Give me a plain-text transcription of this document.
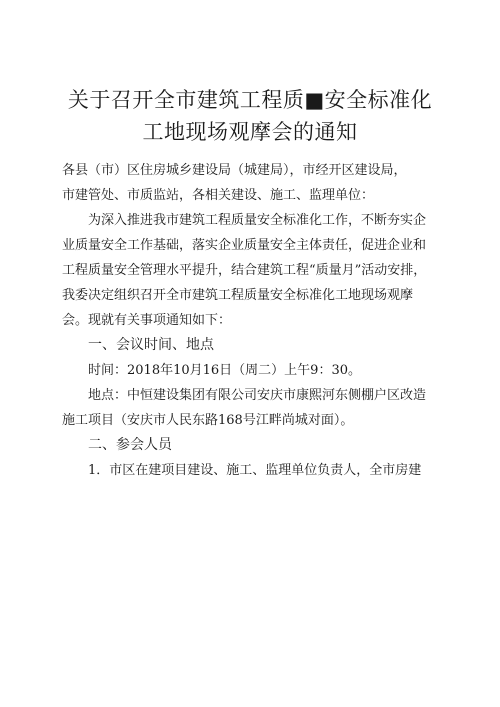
关于召开全市建筑工程质■安全标准化
工地现场观摩会的通知
各县（市）区住房城乡建设局（城建局），市经开区建设局，
市建管处、市质监站，各相关建设、施工、监理单位：
为深入推进我市建筑工程质量安全标准化工作，不断夯实企
业质量安全工作基础，落实企业质量安全主体责任，促进企业和
工程质量安全管理水平提升，结合建筑工程“质量月”活动安排，
我委决定组织召开全市建筑工程质量安全标准化工地现场观摩
会。现就有关事项通知如下：
一、会议时间、地点
时间：2018年10月16日（周二）上午9：30。
地点：中恒建设集团有限公司安庆市康熙河东侧棚户区改造
施工项目（安庆市人民东路168号江畔尚城对面）。
二、参会人员
1．市区在建项目建设、施工、监理单位负责人，全市房建
